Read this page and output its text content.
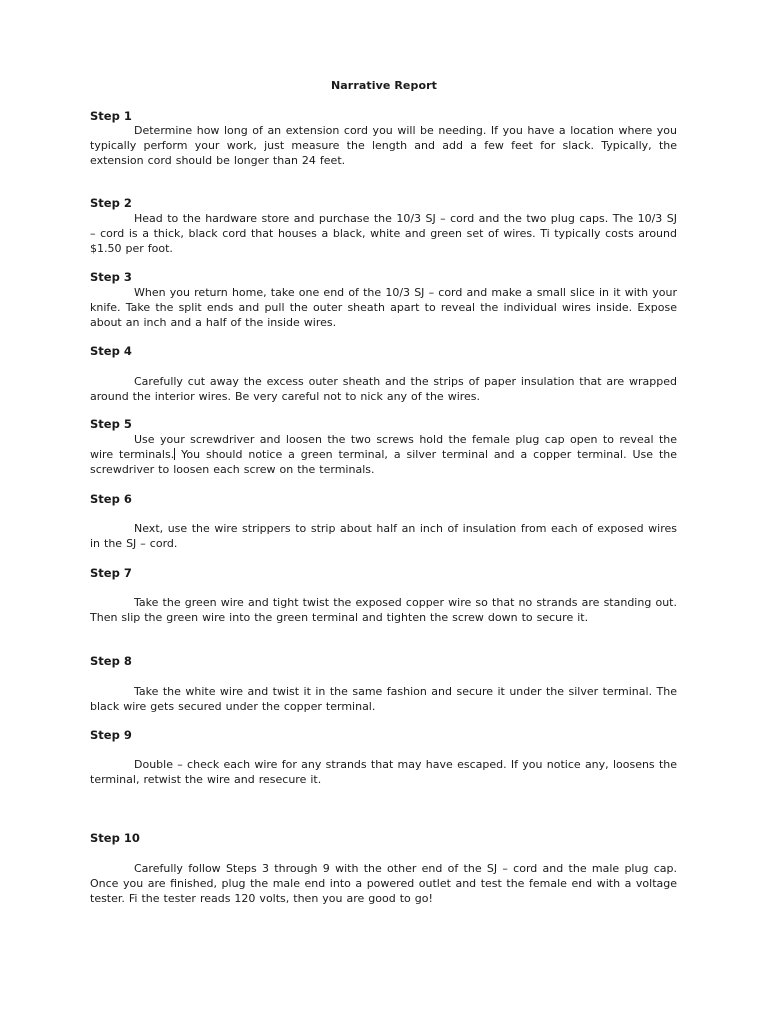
Narrative Report
Step 1

Determine how long of an extension cord you will be needing. If you have a location where you typically perform your work, just measure the length and add a few feet for slack. Typically, the extension cord should be longer than 24 feet.

Step 2

Head to the hardware store and purchase the 10/3 SJ – cord and the two plug caps. The 10/3 SJ – cord is a thick, black cord that houses a black, white and green set of wires. Ti typically costs around $1.50 per foot.

Step 3

When you return home, take one end of the 10/3 SJ – cord and make a small slice in it with your knife. Take the split ends and pull the outer sheath apart to reveal the individual wires inside. Expose about an inch and a half of the inside wires.

Step 4

Carefully cut away the excess outer sheath and the strips of paper insulation that are wrapped around the interior wires. Be very careful not to nick any of the wires.

Step 5

Use your screwdriver and loosen the two screws hold the female plug cap open to reveal the wire terminals. You should notice a green terminal, a silver terminal and a copper terminal. Use the screwdriver to loosen each screw on the terminals.

Step 6

Next, use the wire strippers to strip about half an inch of insulation from each of exposed wires in the SJ – cord.

Step 7

Take the green wire and tight twist the exposed copper wire so that no strands are standing out. Then slip the green wire into the green terminal and tighten the screw down to secure it.

Step 8

Take the white wire and twist it in the same fashion and secure it under the silver terminal. The black wire gets secured under the copper terminal.

Step 9

Double – check each wire for any strands that may have escaped. If you notice any, loosens the terminal, retwist the wire and resecure it.

Step 10

Carefully follow Steps 3 through 9 with the other end of the SJ – cord and the male plug cap. Once you are finished, plug the male end into a powered outlet and test the female end with a voltage tester. Fi the tester reads 120 volts, then you are good to go!
